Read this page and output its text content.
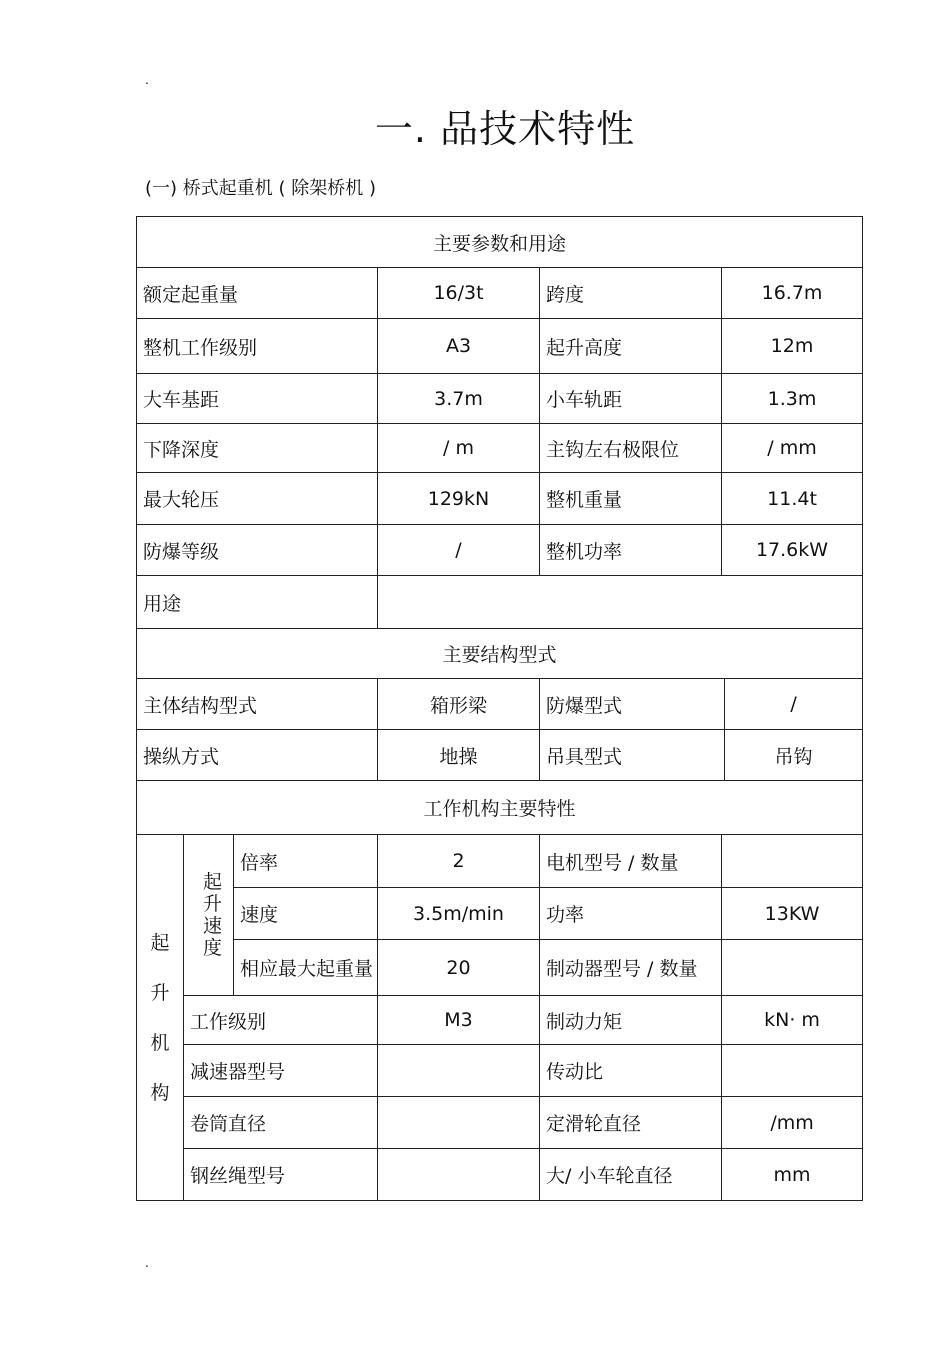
.
一. 品技术特性
(一) 桥式起重机 ( 除架桥机 )
主要参数和用途						
额定起重量			16/3t	跨度	16.7m	
整机工作级别			A3	起升高度	12m	
大车基距			3.7m	小车轨距	1.3m	
下降深度			/ m	主钩左右极限位	/ mm	
最大轮压			129kN	整机重量	11.4t	
防爆等级			/	整机功率	17.6kW	
用途						
主要结构型式						
主体结构型式			箱形梁	防爆型式		/
操纵方式			地操	吊具型式		吊钩
工作机构主要特性						

起升机构	起升速度	倍率	2	电机型号 / 数量		
		速度	3.5m/min	功率	13KW	
		相应最大起重量	20	制动器型号 / 数量		
	工作级别		M3	制动力矩	kN· m	
	减速器型号			传动比		
	卷筒直径			定滑轮直径	/mm	
	钢丝绳型号			大/ 小车轮直径	mm	
.
